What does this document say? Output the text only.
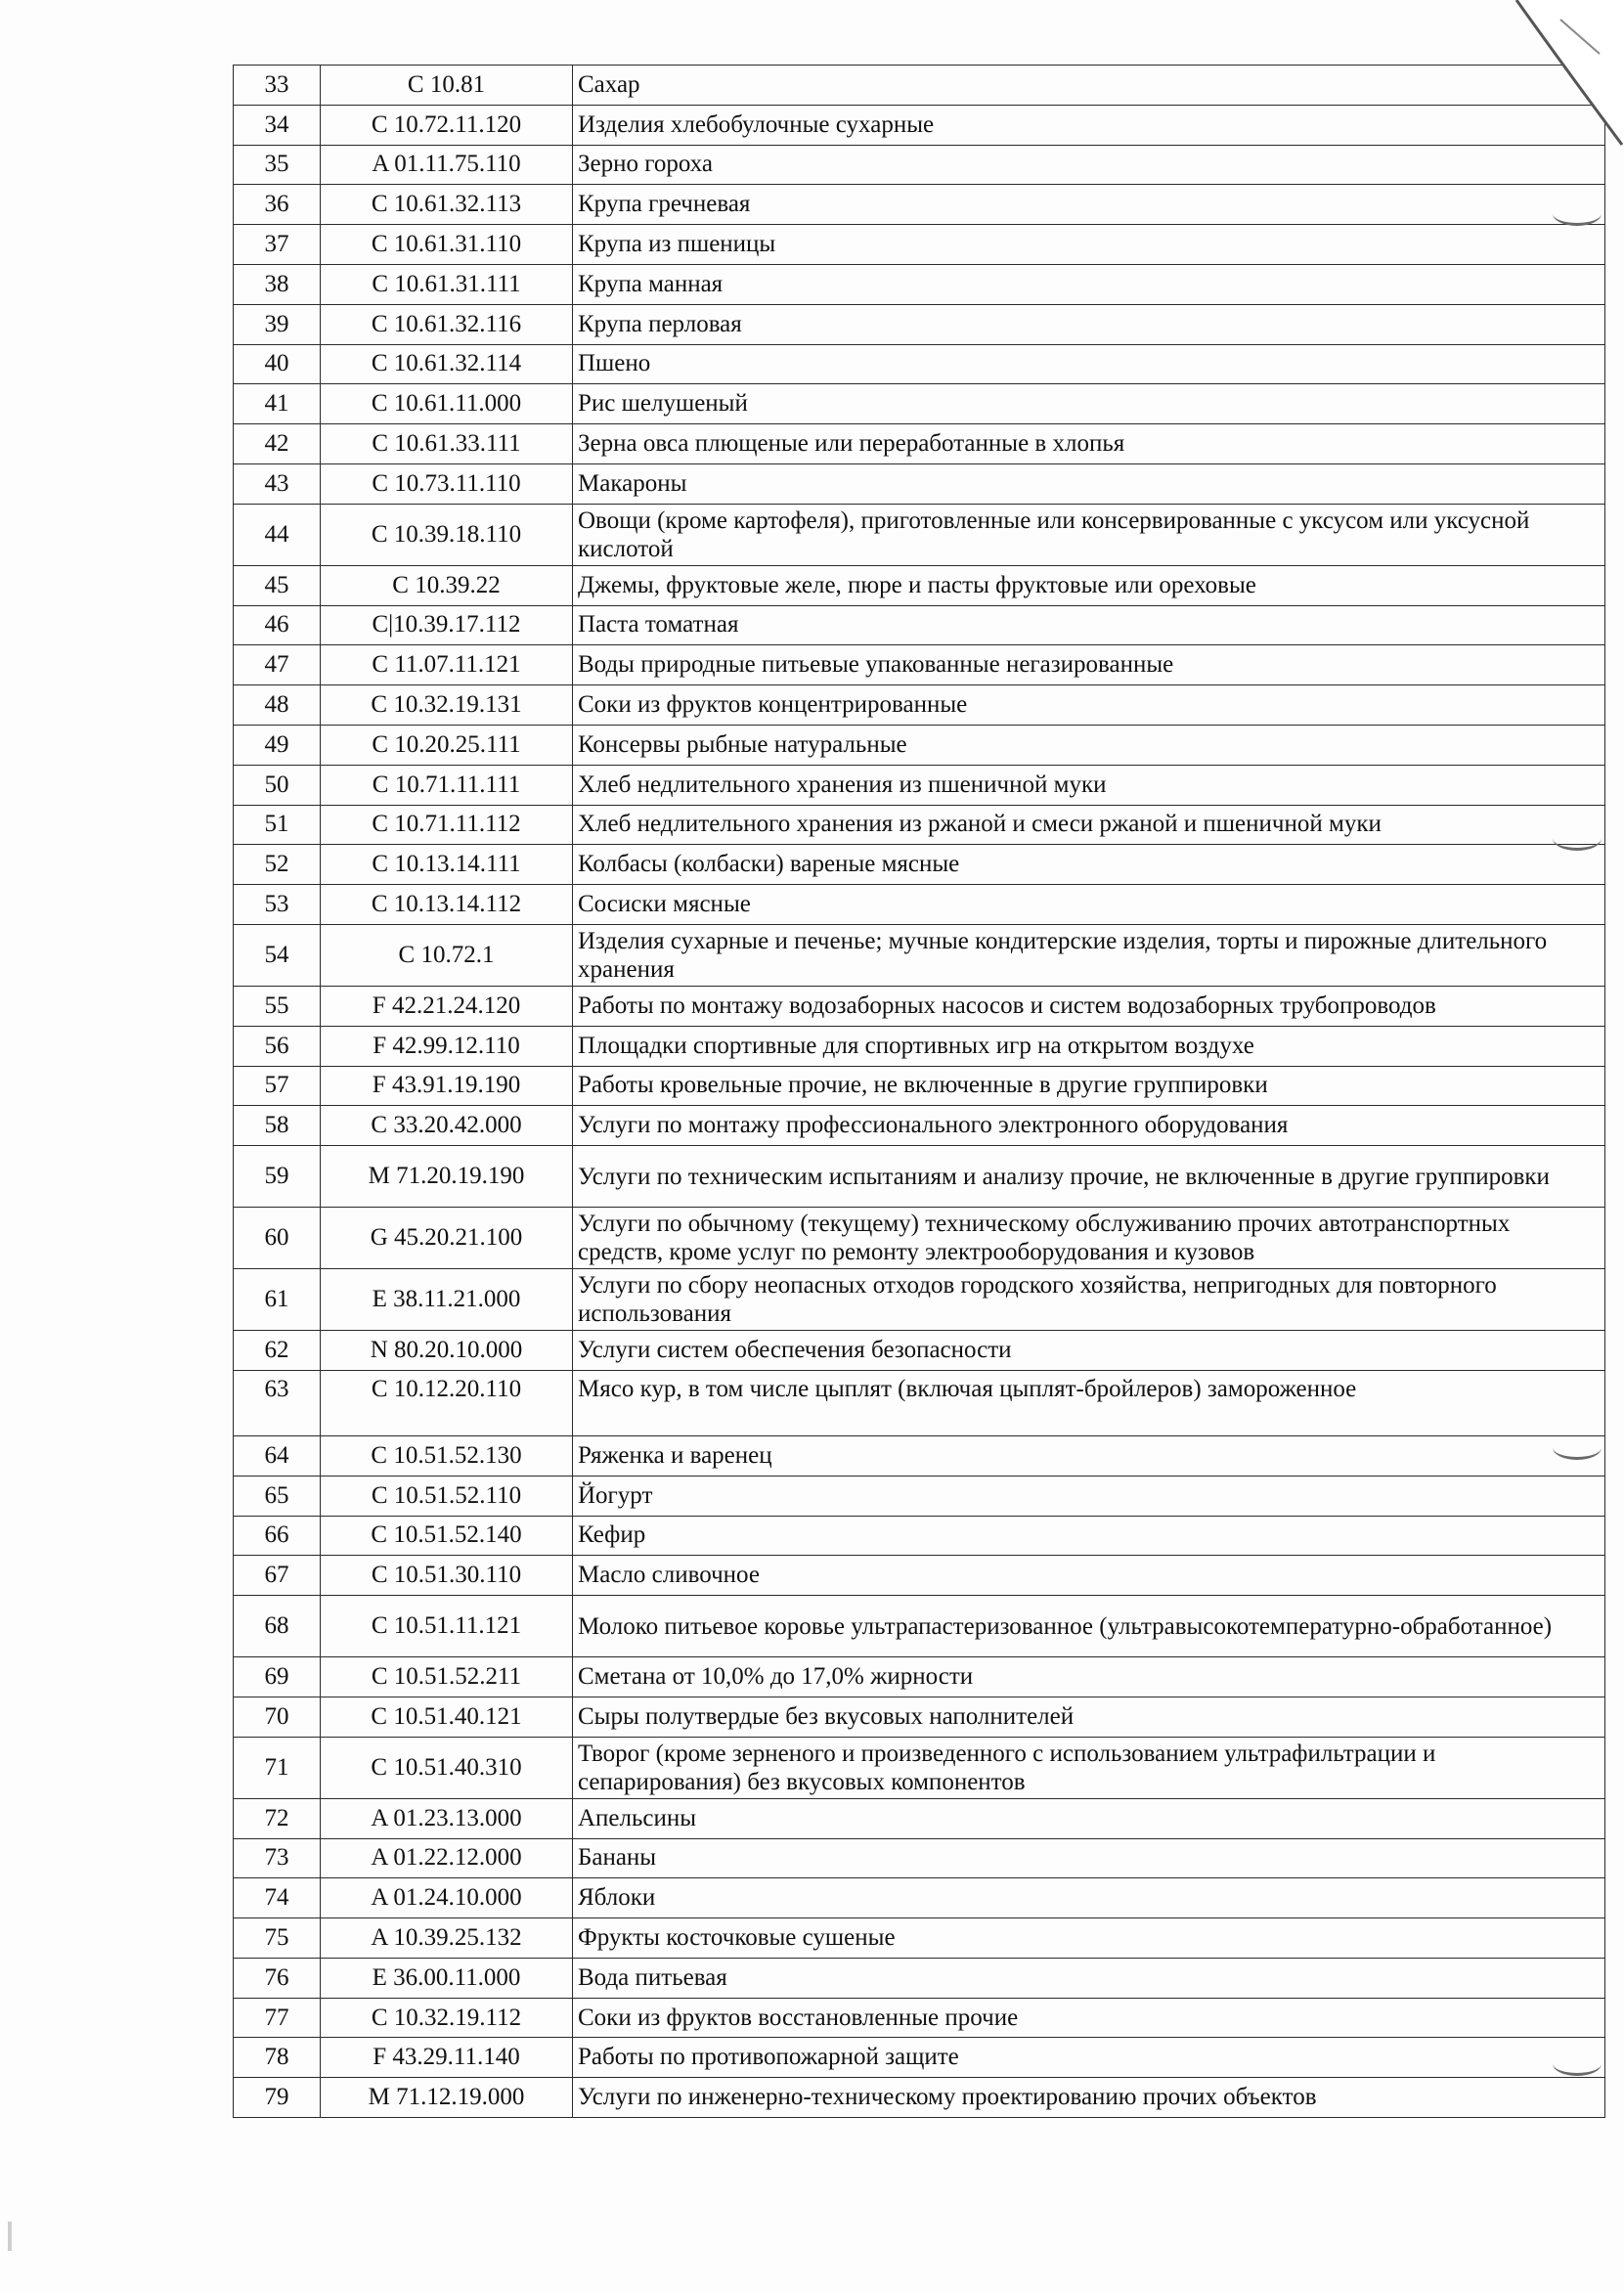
33	C 10.81	Сахар
34	C 10.72.11.120	Изделия хлебобулочные сухарные
35	A 01.11.75.110	Зерно гороха
36	C 10.61.32.113	Крупа гречневая
37	C 10.61.31.110	Крупа из пшеницы
38	C 10.61.31.111	Крупа манная
39	C 10.61.32.116	Крупа перловая
40	C 10.61.32.114	Пшено
41	C 10.61.11.000	Рис шелушеный
42	C 10.61.33.111	Зерна овса плющеные или переработанные в хлопья
43	C 10.73.11.110	Макароны
44	C 10.39.18.110	Овощи (кроме картофеля), приготовленные или консервированные с уксусом или уксусной кислотой
45	C 10.39.22	Джемы, фруктовые желе, пюре и пасты фруктовые или ореховые
46	C|10.39.17.112	Паста томатная
47	C 11.07.11.121	Воды природные питьевые упакованные негазированные
48	C 10.32.19.131	Соки из фруктов концентрированные
49	C 10.20.25.111	Консервы рыбные натуральные
50	C 10.71.11.111	Хлеб недлительного хранения из пшеничной муки
51	C 10.71.11.112	Хлеб недлительного хранения из ржаной и смеси ржаной и пшеничной муки
52	C 10.13.14.111	Колбасы (колбаски) вареные мясные
53	C 10.13.14.112	Сосиски мясные
54	C 10.72.1	Изделия сухарные и печенье; мучные кондитерские изделия, торты и пирожные длительного хранения
55	F 42.21.24.120	Работы по монтажу водозаборных насосов и систем водозаборных трубопроводов
56	F 42.99.12.110	Площадки спортивные для спортивных игр на открытом воздухе
57	F 43.91.19.190	Работы кровельные прочие, не включенные в другие группировки
58	C 33.20.42.000	Услуги по монтажу профессионального электронного оборудования
59	M 71.20.19.190	Услуги по техническим испытаниям и анализу прочие, не включенные в другие группировки
60	G 45.20.21.100	Услуги по обычному (текущему) техническому обслуживанию прочих автотранспортных средств, кроме услуг по ремонту электрооборудования и кузовов
61	E 38.11.21.000	Услуги по сбору неопасных отходов городского хозяйства, непригодных для повторного использования
62	N 80.20.10.000	Услуги систем обеспечения безопасности
63	C 10.12.20.110	Мясо кур, в том числе цыплят (включая цыплят-бройлеров) замороженное
64	C 10.51.52.130	Ряженка и варенец
65	C 10.51.52.110	Йогурт
66	C 10.51.52.140	Кефир
67	C 10.51.30.110	Масло сливочное
68	C 10.51.11.121	Молоко питьевое коровье ультрапастеризованное (ультравысокотемпературно-обработанное)
69	C 10.51.52.211	Сметана от 10,0% до 17,0% жирности
70	C 10.51.40.121	Сыры полутвердые без вкусовых наполнителей
71	C 10.51.40.310	Творог (кроме зерненого и произведенного с использованием ультрафильтрации и сепарирования) без вкусовых компонентов
72	A 01.23.13.000	Апельсины
73	A 01.22.12.000	Бананы
74	A 01.24.10.000	Яблоки
75	A 10.39.25.132	Фрукты косточковые сушеные
76	E 36.00.11.000	Вода питьевая
77	C 10.32.19.112	Соки из фруктов восстановленные прочие
78	F 43.29.11.140	Работы по противопожарной защите
79	M 71.12.19.000	Услуги по инженерно-техническому проектированию прочих объектов
